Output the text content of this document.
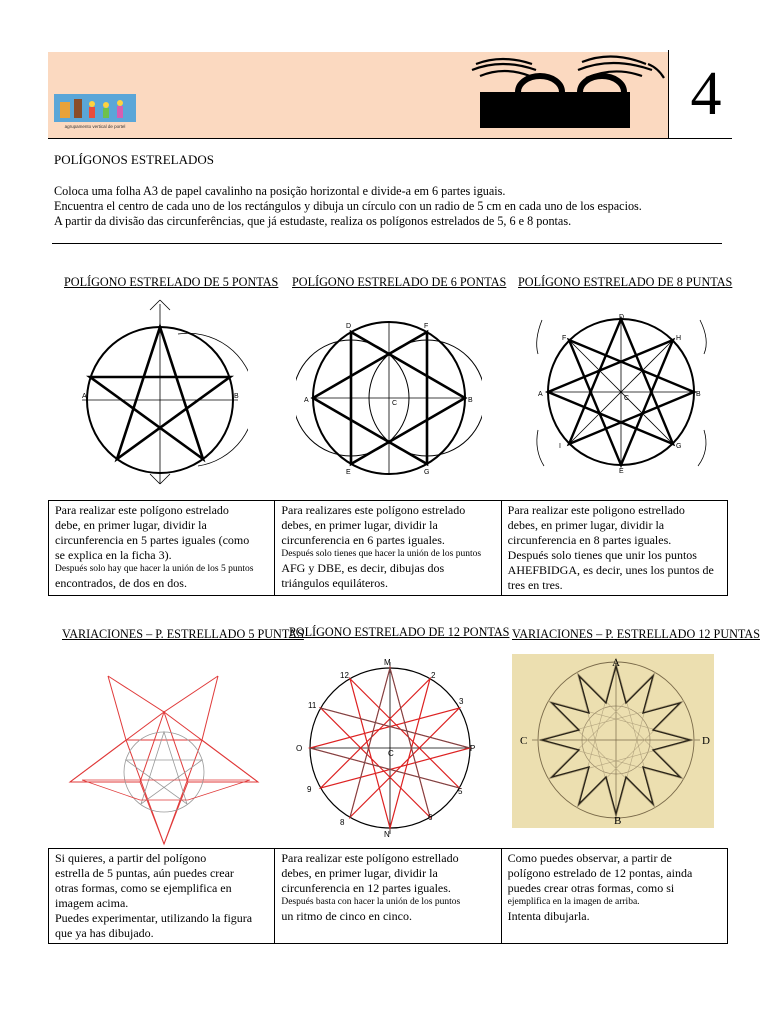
agrupamento vertical de portel	4
POLÍGONOS ESTRELADOS
Coloca uma folha A3 de papel cavalinho na posição horizontal e divide-a em 6 partes iguais.
Encuentra el centro de cada uno de los rectángulos y dibuja un círculo con un radio de 5 cm en cada uno de los espacios.
A partir da divisão das circunferências, que já estudaste, realiza os polígonos estrelados de 5, 6 e 8 pontas.
POLÍGONO ESTRELADO DE 5 PONTAS POLÍGONO ESTRELADO DE 6 PONTAS POLÍGONO ESTRELADO DE 8 PUNTAS
A	B
A	B
C
D	F
E	G
A	B
C
D
E
F
G
H
I
Para realizar este polígono estrelado
debe, en primer lugar, dividir la
circunferencia en 5 partes iguales (como
se explica en la ficha 3).
Después solo hay que hacer la unión de los 5 puntos
encontrados, de dos en dos.

Para realizares este polígono estrelado
debes, en primer lugar, dividir la
circunferencia en 6 partes iguales.
Después solo tienes que hacer la unión de los puntos
AFG y DBE, es decir, dibujas dos
triángulos equiláteros.

Para realizar este poligono estrellado
debes, en primer lugar, dividir la
circunferencia en 8 partes iguales.
Después solo tienes que unir los puntos
AHEFBIDGA, es decir, unes los puntos de
tres en tres.
VARIACIONES – P. ESTRELLADO 5 PUNTAS
POLÍGONO ESTRELADO DE 12 PONTAS VARIACIONES – P. ESTRELLADO 12 PUNTAS
M
N
O	P
C
12	2
3
11
9	5
8
6
A
B
C	D
Si quieres, a partir del polígono
estrella de 5 puntas, aún puedes crear
otras formas, como se ejemplifica en
imagem acima.
Puedes experimentar, utilizando la figura
que ya has dibujado.

Para realizar este polígono estrellado
debes, en primer lugar, dividir la
circunferencia en 12 partes iguales.
Después basta con hacer la unión de los puntos
un ritmo de cinco en cinco.

Como puedes observar, a partir de
polígono estrelado de 12 pontas, ainda
puedes crear otras formas, como si
ejemplifica en la imagen de arriba.
Intenta dibujarla.
